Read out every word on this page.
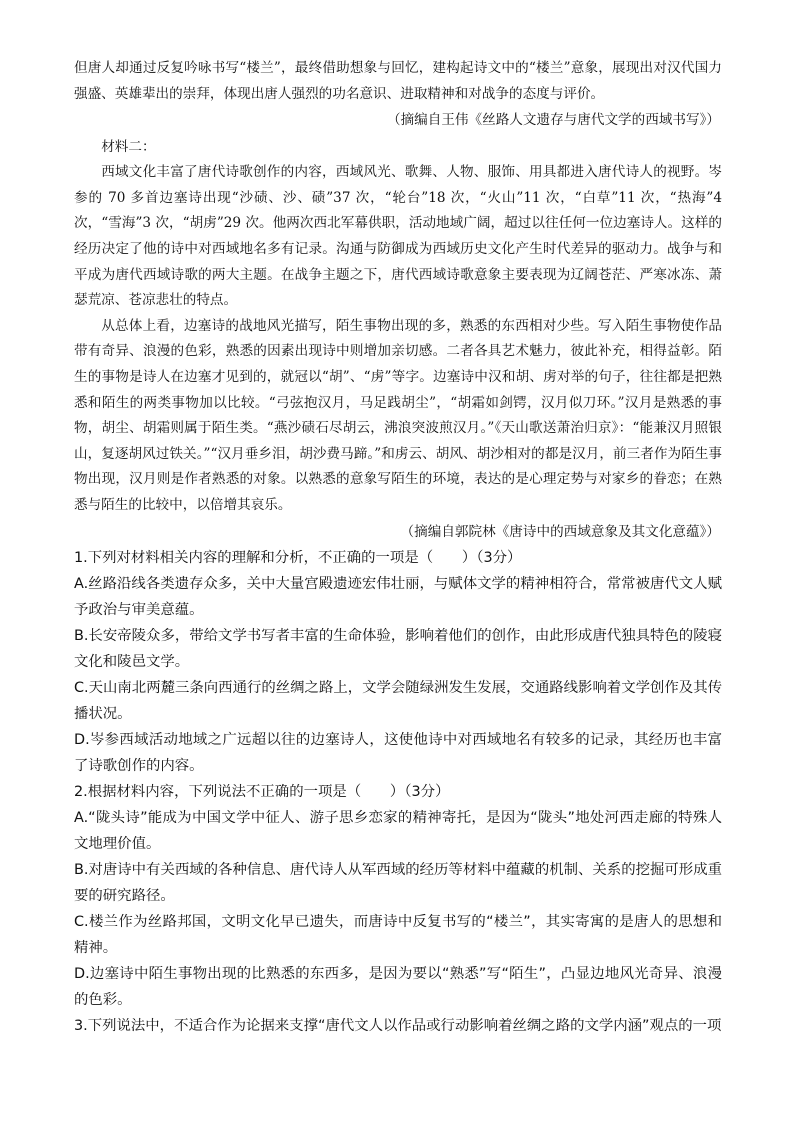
但唐人却通过反复吟咏书写“楼兰”，最终借助想象与回忆，建构起诗文中的“楼兰”意象，展现出对汉代国力强盛、英雄辈出的崇拜，体现出唐人强烈的功名意识、进取精神和对战争的态度与评价。

（摘编自王伟《丝路人文遗存与唐代文学的西域书写》）

材料二：

西域文化丰富了唐代诗歌创作的内容，西域风光、歌舞、人物、服饰、用具都进入唐代诗人的视野。岑参的 70 多首边塞诗出现“沙碛、沙、碛”37 次，“轮台”18 次，“火山”11 次，“白草”11 次，“热海”4 次，“雪海”3 次，“胡虏”29 次。他两次西北军幕供职，活动地域广阔，超过以往任何一位边塞诗人。这样的经历决定了他的诗中对西域地名多有记录。沟通与防御成为西域历史文化产生时代差异的驱动力。战争与和平成为唐代西域诗歌的两大主题。在战争主题之下，唐代西域诗歌意象主要表现为辽阔苍茫、严寒冰冻、萧瑟荒凉、苍凉悲壮的特点。

从总体上看，边塞诗的战地风光描写，陌生事物出现的多，熟悉的东西相对少些。写入陌生事物使作品带有奇异、浪漫的色彩，熟悉的因素出现诗中则增加亲切感。二者各具艺术魅力，彼此补充，相得益彰。陌生的事物是诗人在边塞才见到的，就冠以“胡”、“虏”等字。边塞诗中汉和胡、虏对举的句子，往往都是把熟悉和陌生的两类事物加以比较。“弓弦抱汉月，马足践胡尘”，“胡霜如剑锷，汉月似刀环。”汉月是熟悉的事物，胡尘、胡霜则属于陌生类。“燕沙碛石尽胡云，沸浪突波煎汉月。”《天山歌送萧治归京》：“能兼汉月照银山，复逐胡风过铁关。”“汉月垂乡泪，胡沙费马蹄。”和虏云、胡风、胡沙相对的都是汉月，前三者作为陌生事物出现，汉月则是作者熟悉的对象。以熟悉的意象写陌生的环境，表达的是心理定势与对家乡的眷恋；在熟悉与陌生的比较中，以倍增其哀乐。

（摘编自郭院林《唐诗中的西域意象及其文化意蕴》）

1.下列对材料相关内容的理解和分析，不正确的一项是（　　）（3分）

A.丝路沿线各类遗存众多，关中大量宫殿遗迹宏伟壮丽，与赋体文学的精神相符合，常常被唐代文人赋予政治与审美意蕴。

B.长安帝陵众多，带给文学书写者丰富的生命体验，影响着他们的创作，由此形成唐代独具特色的陵寝文化和陵邑文学。

C.天山南北两麓三条向西通行的丝绸之路上，文学会随绿洲发生发展，交通路线影响着文学创作及其传播状况。

D.岑参西域活动地域之广远超以往的边塞诗人，这使他诗中对西域地名有较多的记录，其经历也丰富了诗歌创作的内容。

2.根据材料内容，下列说法不正确的一项是（　　）（3分）

A.“陇头诗”能成为中国文学中征人、游子思乡恋家的精神寄托，是因为“陇头”地处河西走廊的特殊人文地理价值。

B.对唐诗中有关西域的各种信息、唐代诗人从军西域的经历等材料中蕴藏的机制、关系的挖掘可形成重要的研究路径。

C.楼兰作为丝路邦国，文明文化早已遗失，而唐诗中反复书写的“楼兰”，其实寄寓的是唐人的思想和精神。

D.边塞诗中陌生事物出现的比熟悉的东西多，是因为要以“熟悉”写“陌生”，凸显边地风光奇异、浪漫的色彩。

3.下列说法中，不适合作为论据来支撑“唐代文人以作品或行动影响着丝绸之路的文学内涵”观点的一项
